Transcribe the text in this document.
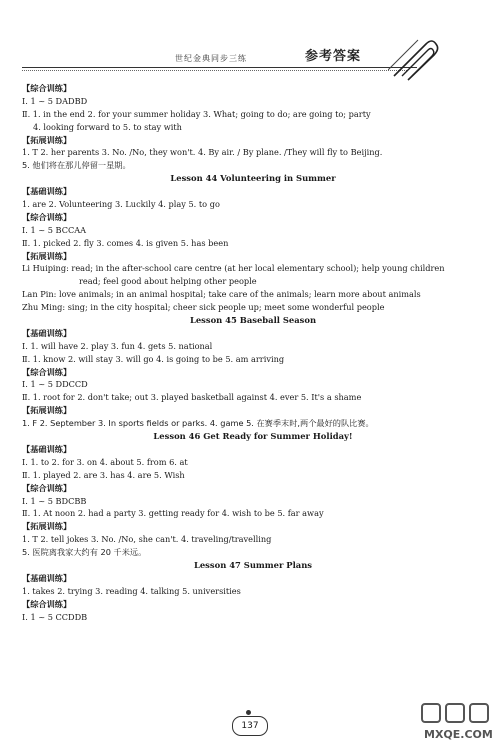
世纪金典同步三练	参考答案
【综合训练】
Ⅰ. 1 ~ 5 DADBD
Ⅱ. 1. in the end 2. for your summer holiday 3. What; going to do; are going to; party
4. looking forward to 5. to stay with
【拓展训练】
1. T 2. her parents 3. No. /No, they won't. 4. By air. / By plane. /They will fly to Beijing.
5. 他们将在那儿停留一星期。
Lesson 44 Volunteering in Summer
【基础训练】
1. are 2. Volunteering 3. Luckily 4. play 5. to go
【综合训练】
Ⅰ. 1 ~ 5 BCCAA
Ⅱ. 1. picked 2. fly 3. comes 4. is given 5. has been
【拓展训练】
Li Huiping: read; in the after-school care centre (at her local elementary school); help young children
read; feel good about helping other people
Lan Pin: love animals; in an animal hospital; take care of the animals; learn more about animals
Zhu Ming: sing; in the city hospital; cheer sick people up; meet some wonderful people
Lesson 45 Baseball Season
【基础训练】
Ⅰ. 1. will have 2. play 3. fun 4. gets 5. national
Ⅱ. 1. know 2. will stay 3. will go 4. is going to be 5. am arriving
【综合训练】
Ⅰ. 1 ~ 5 DDCCD
Ⅱ. 1. root for 2. don't take; out 3. played basketball against 4. ever 5. It's a shame
【拓展训练】
1. F 2. September 3. In sports fields or parks. 4. game 5. 在赛季末时,两个最好的队比赛。
Lesson 46 Get Ready for Summer Holiday!
【基础训练】
Ⅰ. 1. to 2. for 3. on 4. about 5. from 6. at
Ⅱ. 1. played 2. are 3. has 4. are 5. Wish
【综合训练】
Ⅰ. 1 ~ 5 BDCBB
Ⅱ. 1. At noon 2. had a party 3. getting ready for 4. wish to be 5. far away
【拓展训练】
1. T 2. tell jokes 3. No. /No, she can't. 4. traveling/travelling
5. 医院离我家大约有 20 千米远。
Lesson 47 Summer Plans
【基础训练】
1. takes 2. trying 3. reading 4. talking 5. universities
【综合训练】
Ⅰ. 1 ~ 5 CCDDB
137
MXQE.COM
